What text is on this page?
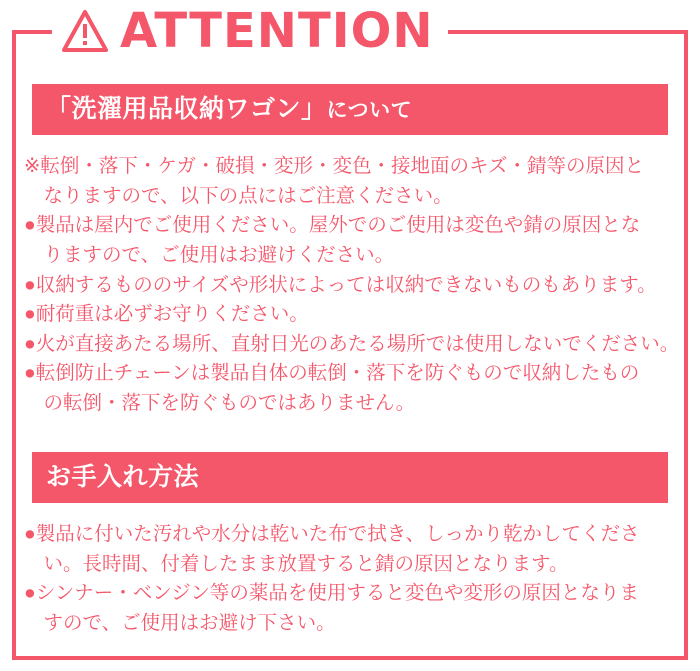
ATTENTION
「洗濯用品収納ワゴン」について
※転倒・落下・ケガ・破損・変形・変色・接地面のキズ・錆等の原因と
　なりますので、以下の点にはご注意ください。
●製品は屋内でご使用ください。屋外でのご使用は変色や錆の原因とな
　りますので、ご使用はお避けください。
●収納するもののサイズや形状によっては収納できないものもあります。
●耐荷重は必ずお守りください。
●火が直接あたる場所、直射日光のあたる場所では使用しないでください。
●転倒防止チェーンは製品自体の転倒・落下を防ぐもので収納したもの
　の転倒・落下を防ぐものではありません。
お手入れ方法
●製品に付いた汚れや水分は乾いた布で拭き、しっかり乾かしてくださ
　い。長時間、付着したまま放置すると錆の原因となります。
●シンナー・ベンジン等の薬品を使用すると変色や変形の原因となりま
　すので、ご使用はお避け下さい。
